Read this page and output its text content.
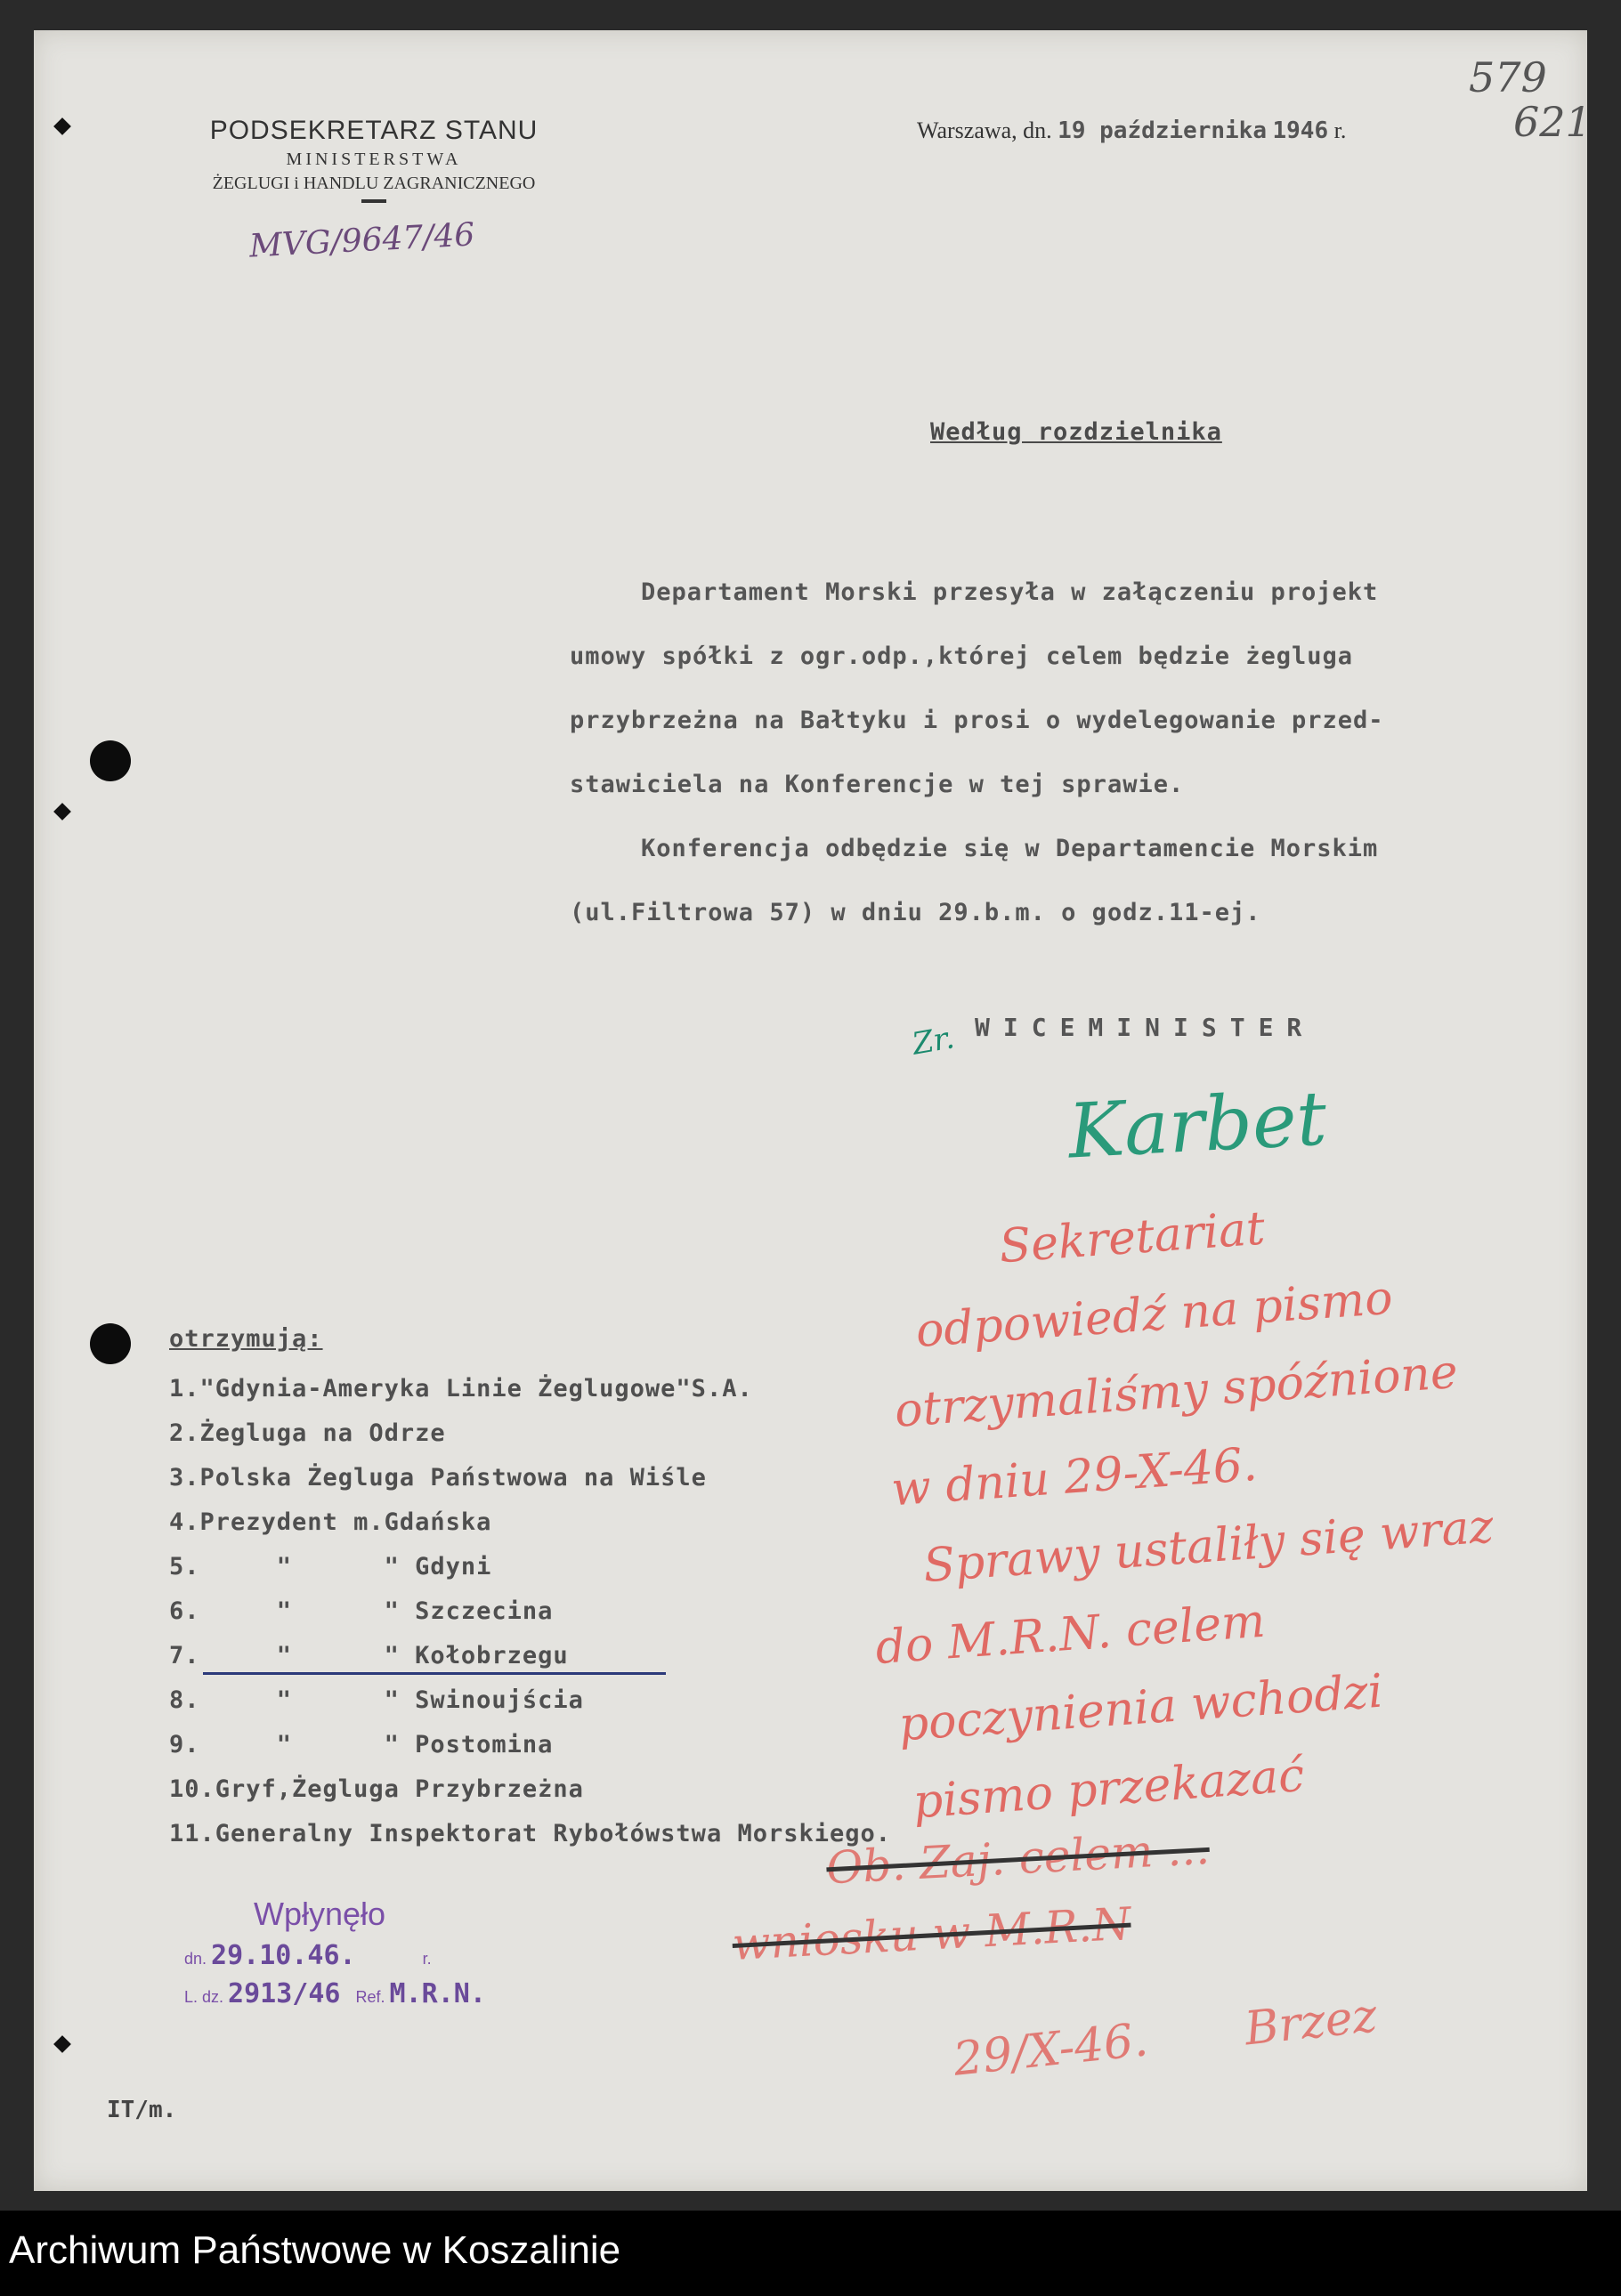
PODSEKRETARZ STANU
MINISTERSTWA
ŻEGLUGI i HANDLU ZAGRANICZNEGO
MVG/9647/46
579
621
Warszawa, dn. 19 października 1946 r.
Według rozdzielnika

Departament Morski przesyła w załączeniu projekt

umowy spółki z ogr.odp.,której celem będzie żegluga

przybrzeżna na Bałtyku i prosi o wydelegowanie przed-

stawiciela na Konferencje w tej sprawie.

Konferencja odbędzie się w Departamencie Morskim

(ul.Filtrowa 57) w dniu 29.b.m. o godz.11-ej.

Zr. WICEMINISTER
Karbet
otrzymują:
1."Gdynia-Ameryka Linie Żeglugowe"S.A.
2.Żegluga na Odrze
3.Polska Żegluga Państwowa na Wiśle
4.Prezydent m.Gdańska
5.     "      " Gdyni
6.     "      " Szczecina
7.     "      " Kołobrzegu
8.     "      " Swinoujścia
9.     "      " Postomina
10.Gryf,Żegluga Przybrzeżna
11.Generalny Inspektorat Rybołówstwa Morskiego.

Sekretariat

odpowiedź na pismo

otrzymaliśmy spóźnione

w dniu 29-X-46.

Sprawy ustaliły się wraz

do M.R.N. celem

poczynienia wchodzi

pismo przekazać

Ob. Zaj. celem ...

wniosku w M.R.N

29/X-46. Brzez
Wpłynęło
dn. 29.10.46.	r.
L. dz. 2913/46 Ref. M.R.N.
IT/m.
Archiwum Państwowe w Koszalinie
